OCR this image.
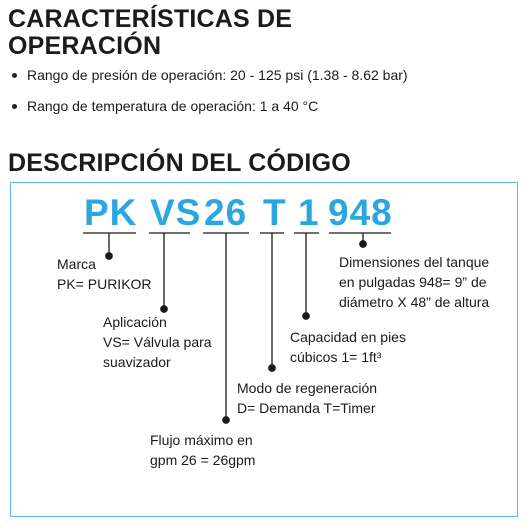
CARACTERÍSTICAS DE OPERACIÓN
Rango de presión de operación: 20 - 125 psi (1.38 - 8.62 bar)
Rango de temperatura de operación: 1 a 40 °C
DESCRIPCIÓN DEL CÓDIGO
PK VS 26 T 1 948
Marca
PK= PURIKOR
Aplicación
VS= Válvula para
suavizador
Flujo máximo en
gpm 26 = 26gpm
Modo de regeneración
D= Demanda T=Timer
Capacidad en pies
cúbicos 1= 1ft³
Dimensiones del tanque
en pulgadas 948= 9” de
diámetro X 48” de altura
